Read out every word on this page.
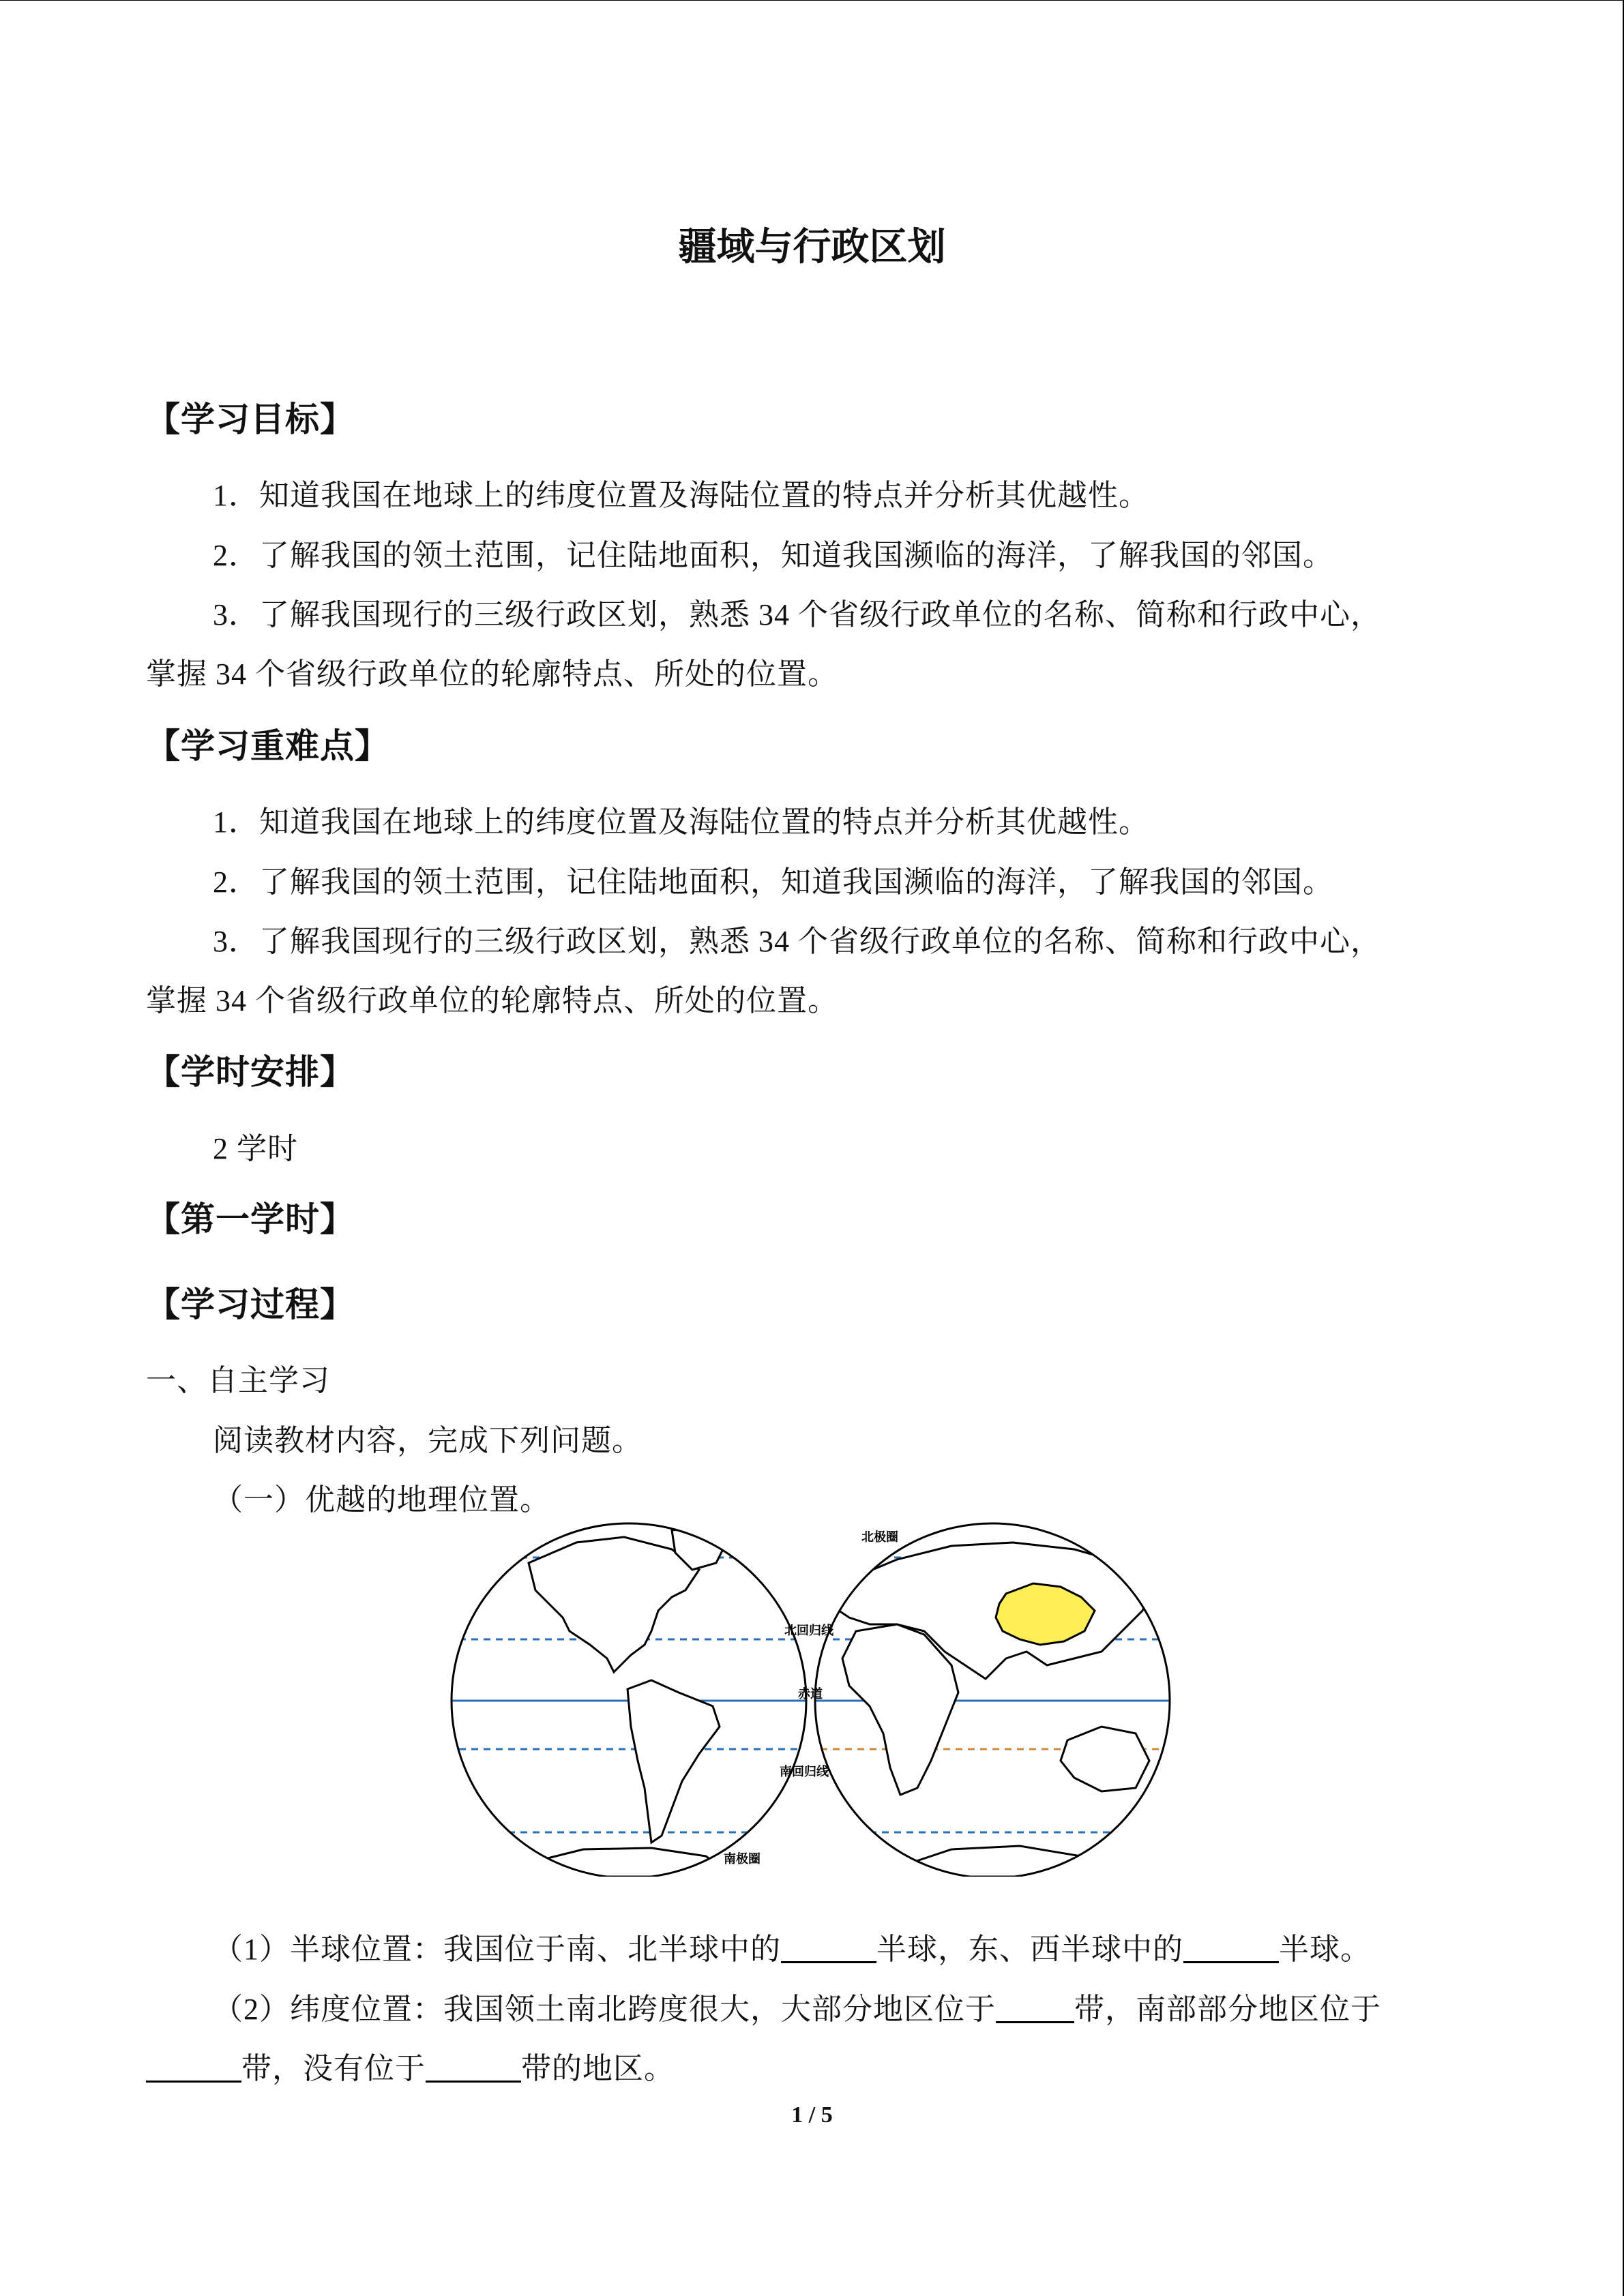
疆域与行政区划
【学习目标】
1．知道我国在地球上的纬度位置及海陆位置的特点并分析其优越性。
2．了解我国的领土范围，记住陆地面积，知道我国濒临的海洋，了解我国的邻国。
3．了解我国现行的三级行政区划，熟悉 34 个省级行政单位的名称、简称和行政中心，
掌握 34 个省级行政单位的轮廓特点、所处的位置。
【学习重难点】
1．知道我国在地球上的纬度位置及海陆位置的特点并分析其优越性。
2．了解我国的领土范围，记住陆地面积，知道我国濒临的海洋，了解我国的邻国。
3．了解我国现行的三级行政区划，熟悉 34 个省级行政单位的名称、简称和行政中心，
掌握 34 个省级行政单位的轮廓特点、所处的位置。
【学时安排】
2 学时
【第一学时】
【学习过程】
一、自主学习
阅读教材内容，完成下列问题。
（一）优越的地理位置。
北极圈
北回归线
赤道
南回归线
南极圈
（1）半球位置：我国位于南、北半球中的	半球，东、西半球中的	半球。
（2）纬度位置：我国领土南北跨度很大，大部分地区位于	带，南部部分地区位于
带，没有位于	带的地区。
1 / 5
